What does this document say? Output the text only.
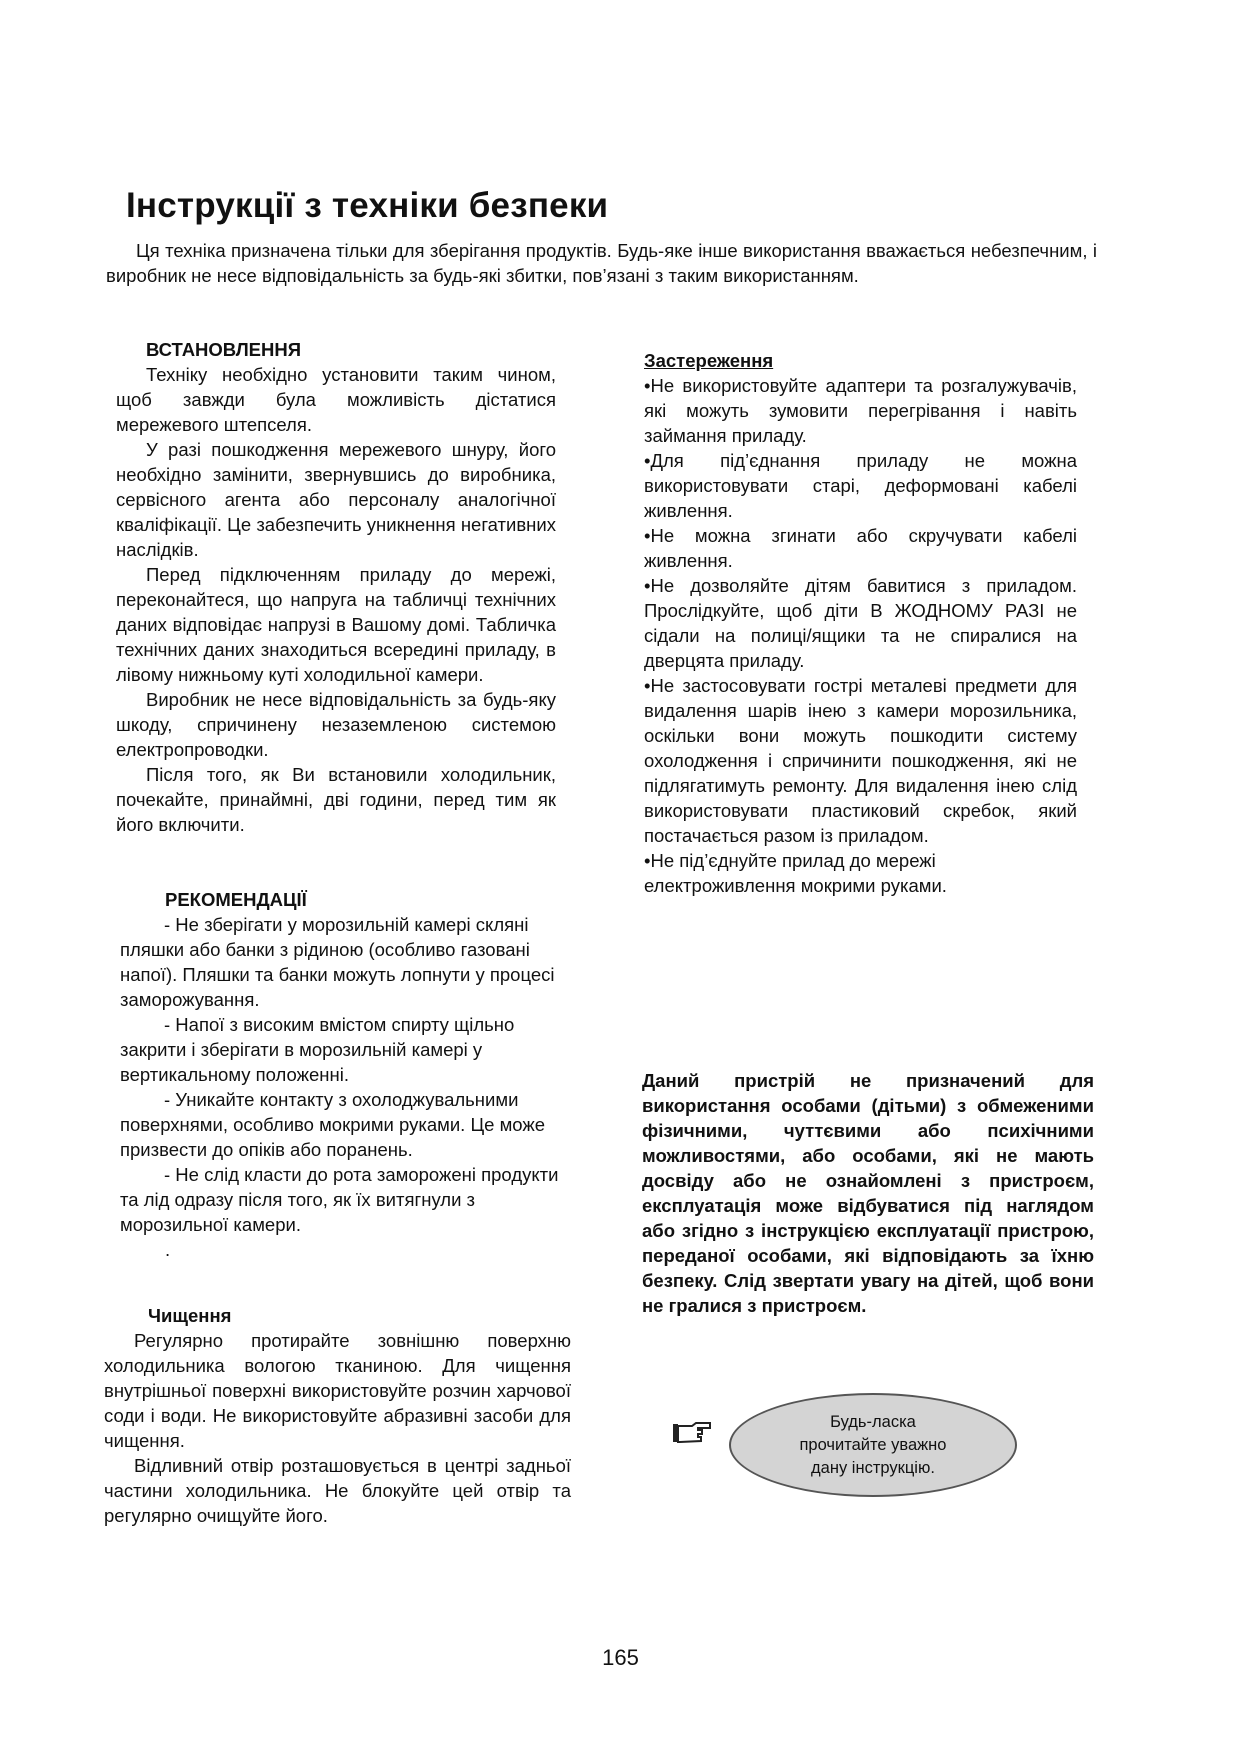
Інструкції з техніки безпеки
Ця техніка призначена тільки для зберігання продуктів. Будь-яке інше використання вважається небезпечним, і виробник не несе відповідальність за будь-які збитки, пов’язані з таким використанням.

ВСТАНОВЛЕННЯ

Техніку необхідно установити таким чином, щоб завжди була можливість дістатися мережевого штепселя.

У разі пошкодження мережевого шнуру, його необхідно замінити, звернувшись до виробника, сервісного агента або персоналу аналогічної кваліфікації. Це забезпечить уникнення негативних наслідків.

Перед підключенням приладу до мережі, переконайтеся, що напруга на табличці технічних даних відповідає напрузі в Вашому домі. Табличка технічних даних знаходиться всередині приладу, в лівому нижньому куті холодильної камери.

Виробник не несе відповідальність за будь-яку шкоду, спричинену незаземленою системою електропроводки.

Після того, як Ви встановили холодильник, почекайте, принаймні, дві години, перед тим як його включити.

РЕКОМЕНДАЦІЇ

- Не зберігати у морозильній камері скляні пляшки або банки з рідиною (особливо газовані напої). Пляшки та банки можуть лопнути у процесі заморожування.

- Напої з високим вмістом спирту щільно закрити і зберігати в морозильній камері у вертикальному положенні.

- Уникайте контакту з охолоджувальними поверхнями, особливо мокрими руками. Це може призвести до опіків або поранень.

- Не слід класти до рота заморожені продукти та лід одразу після того, як їх витягнули з морозильної камери.

.

Чищення

Регулярно протирайте зовнішню поверхню холодильника вологою тканиною. Для чищення внутрішньої поверхні використовуйте розчин харчової соди і води. Не використовуйте абразивні засоби для чищення.

Відливний отвір розташовується в центрі задньої частини холодильника. Не блокуйте цей отвір та регулярно очищуйте його.

Застереження

•Не використовуйте адаптери та розгалужувачів, які можуть зумовити перегрівання і навіть займання приладу.

•Для під’єднання приладу не можна використовувати старі, деформовані кабелі живлення.

•Не можна згинати або скручувати кабелі живлення.

•Не дозволяйте дітям бавитися з приладом. Прослідкуйте, щоб діти В ЖОДНОМУ РАЗІ не сідали на полиці/ящики та не спиралися на дверцята приладу.

•Не застосовувати гострі металеві предмети для видалення шарів інею з камери морозильника, оскільки вони можуть пошкодити систему охолодження і спричинити пошкодження, які не підлягатимуть ремонту. Для видалення інею слід використовувати пластиковий скребок, який постачається разом із приладом.

•Не під’єднуйте прилад до мережі електроживлення мокрими руками.

Даний пристрій не призначений для використання особами (дітьми) з обмеженими фізичними, чуттєвими або психічними можливостями, або особами, які не мають досвіду або не ознайомлені з пристроєм, експлуатація може відбуватися під наглядом або згідно з інструкцією експлуатації пристрою, переданої особами, які відповідають за їхню безпеку. Слід звертати увагу на дітей, щоб вони не гралися з пристроєм.
Будь-ласка
прочитайте уважно
дану інструкцію.
165
